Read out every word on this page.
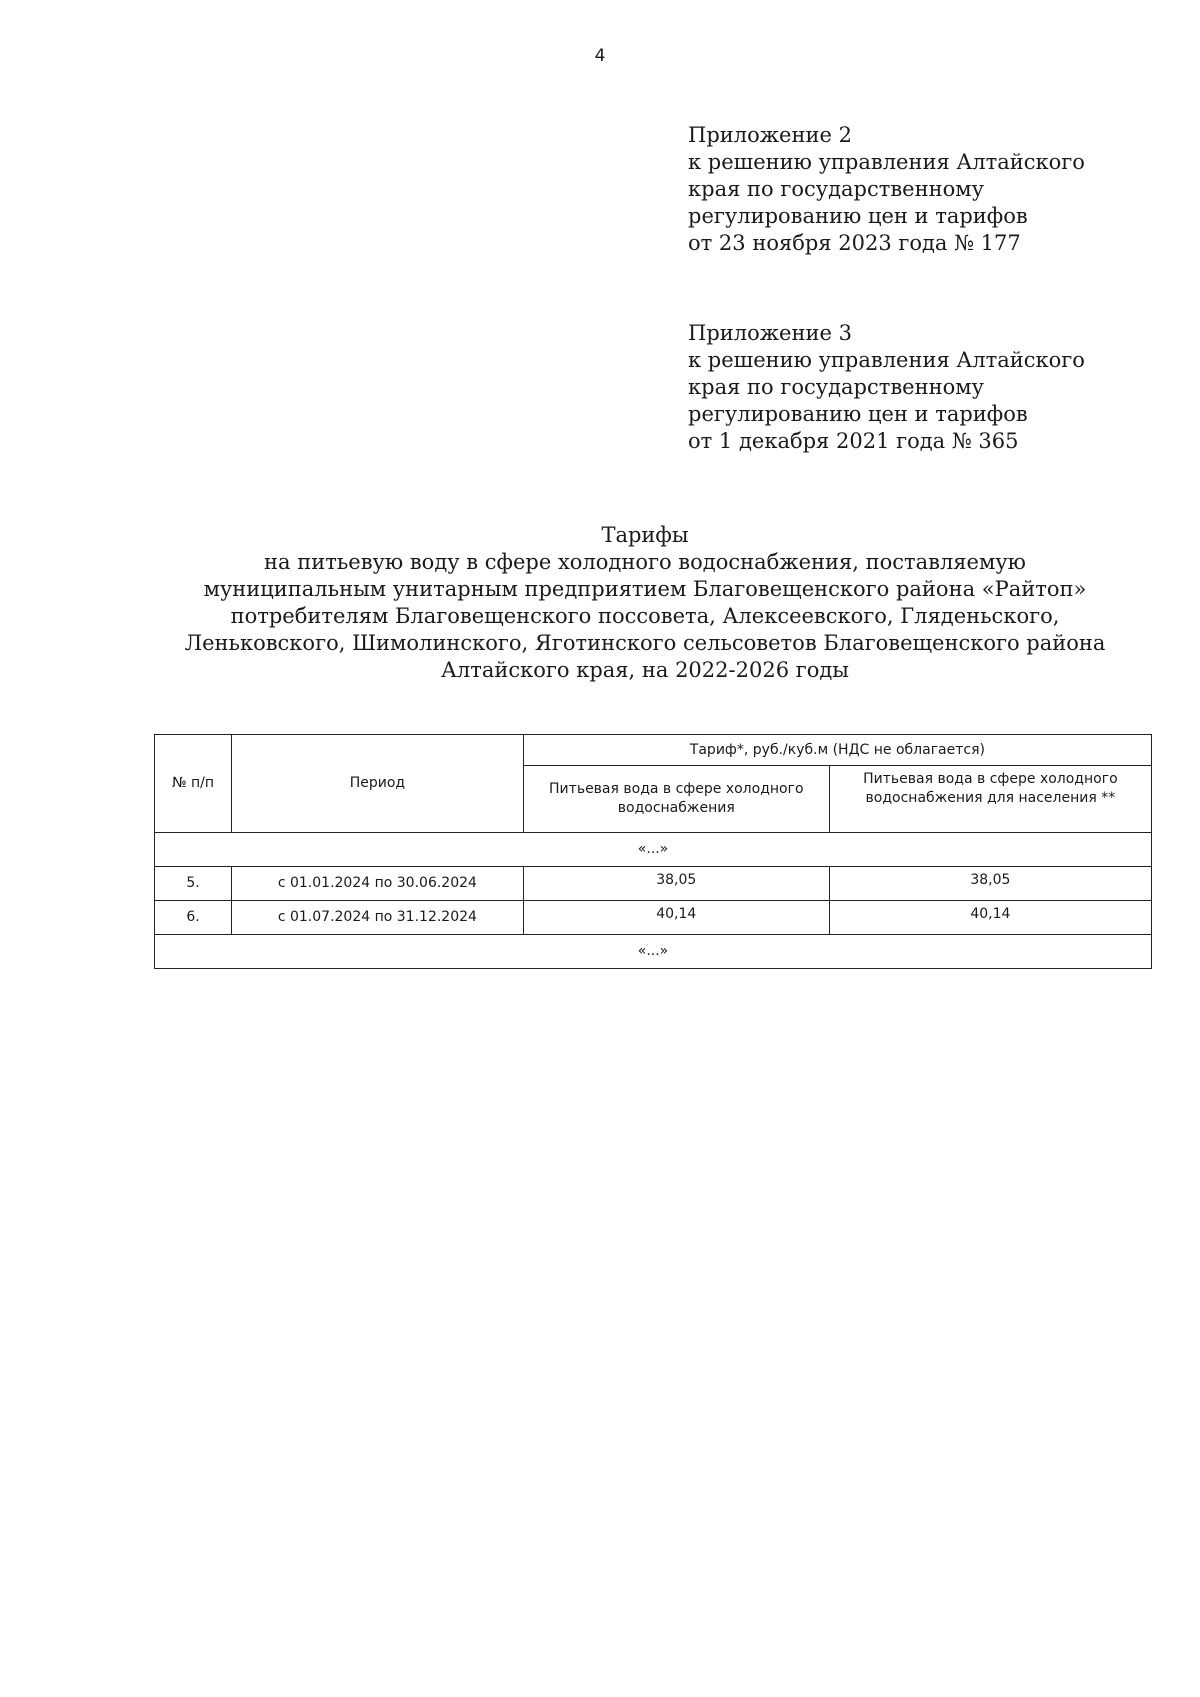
4
Приложение 2
к решению управления Алтайского
края по государственному
регулированию цен и тарифов
от 23 ноября 2023 года № 177
Приложение 3
к решению управления Алтайского
края по государственному
регулированию цен и тарифов
от 1 декабря 2021 года № 365
Тарифы
на питьевую воду в сфере холодного водоснабжения, поставляемую
муниципальным унитарным предприятием Благовещенского района «Райтоп»
потребителям Благовещенского поссовета, Алексеевского, Гляденьского,
Леньковского, Шимолинского, Яготинского сельсоветов Благовещенского района
Алтайского края, на 2022-2026 годы
№ п/п	Период	Тариф*, руб./куб.м (НДС не облагается)	
		Питьевая вода в сфере холодного водоснабжения	Питьевая вода в сфере холодного водоснабжения для населения **
«...»			
5.	с 01.01.2024 по 30.06.2024	38,05	38,05
6.	с 01.07.2024 по 31.12.2024	40,14	40,14
«...»			
